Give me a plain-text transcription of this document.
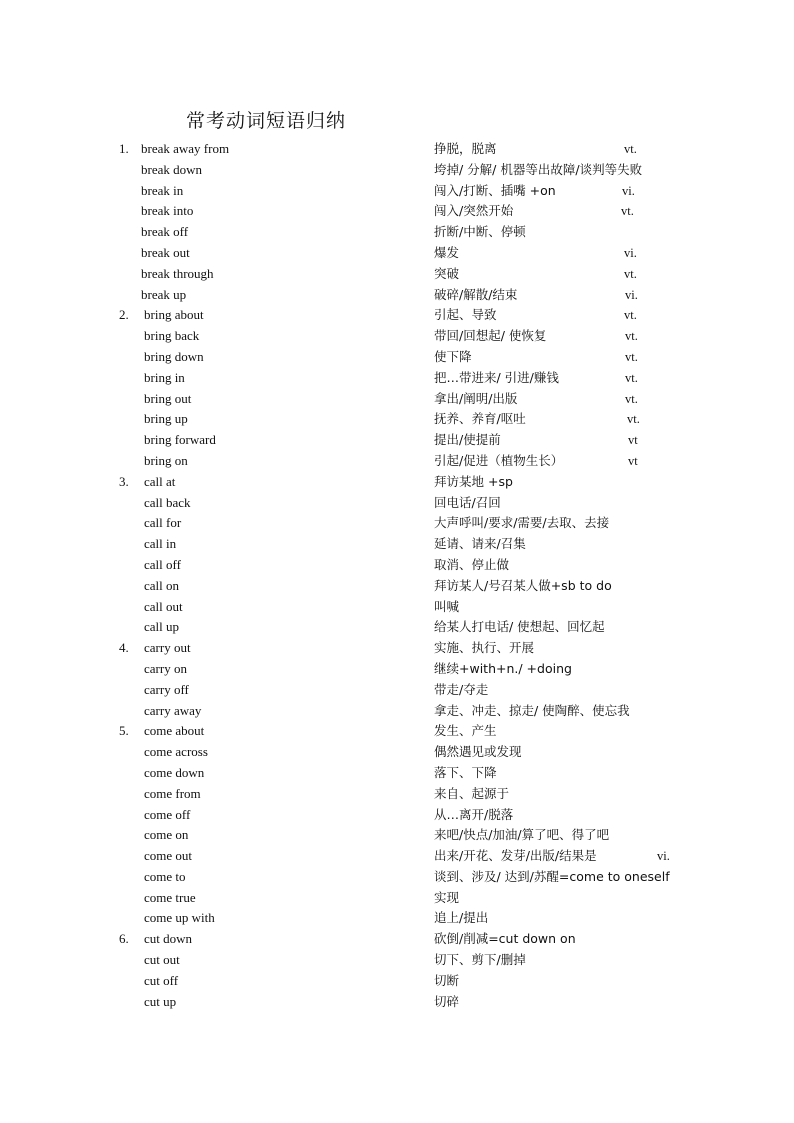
常考动词短语归纳
1. break away from	挣脱，脱离	vt.
break down	垮掉/ 分解/ 机器等出故障/谈判等失败
break in	闯入/打断、插嘴 +on	vi.
break into	闯入/突然开始	vt.
break off	折断/中断、停顿
break out	爆发	vi.
break through	突破	vt.
break up	破碎/解散/结束	vi.
2. bring about	引起、导致	vt.
bring back	带回/回想起/ 使恢复	vt.
bring down	使下降	vt.
bring in	把…带进来/ 引进/赚钱	vt.
bring out	拿出/阐明/出版	vt.
bring up	抚养、养育/呕吐	vt.
bring forward	提出/使提前	vt
bring on	引起/促进（植物生长）	vt
3. call at	拜访某地 +sp
call back	回电话/召回
call for	大声呼叫/要求/需要/去取、去接
call in	延请、请来/召集
call off	取消、停止做
call on	拜访某人/号召某人做+sb to do
call out	叫喊
call up	给某人打电话/ 使想起、回忆起
4. carry out	实施、执行、开展
carry on	继续+with+n./ +doing
carry off	带走/夺走
carry away	拿走、冲走、掠走/ 使陶醉、使忘我
5. come about	发生、产生
come across	偶然遇见或发现
come down	落下、下降
come from	来自、起源于
come off	从…离开/脱落
come on	来吧/快点/加油/算了吧、得了吧
come out	出来/开花、发芽/出版/结果是	vi.
come to	谈到、涉及/ 达到/苏醒=come to oneself
come true	实现
come up with	追上/提出
6. cut down	砍倒/削减=cut down on
cut out	切下、剪下/删掉
cut off	切断
cut up	切碎
